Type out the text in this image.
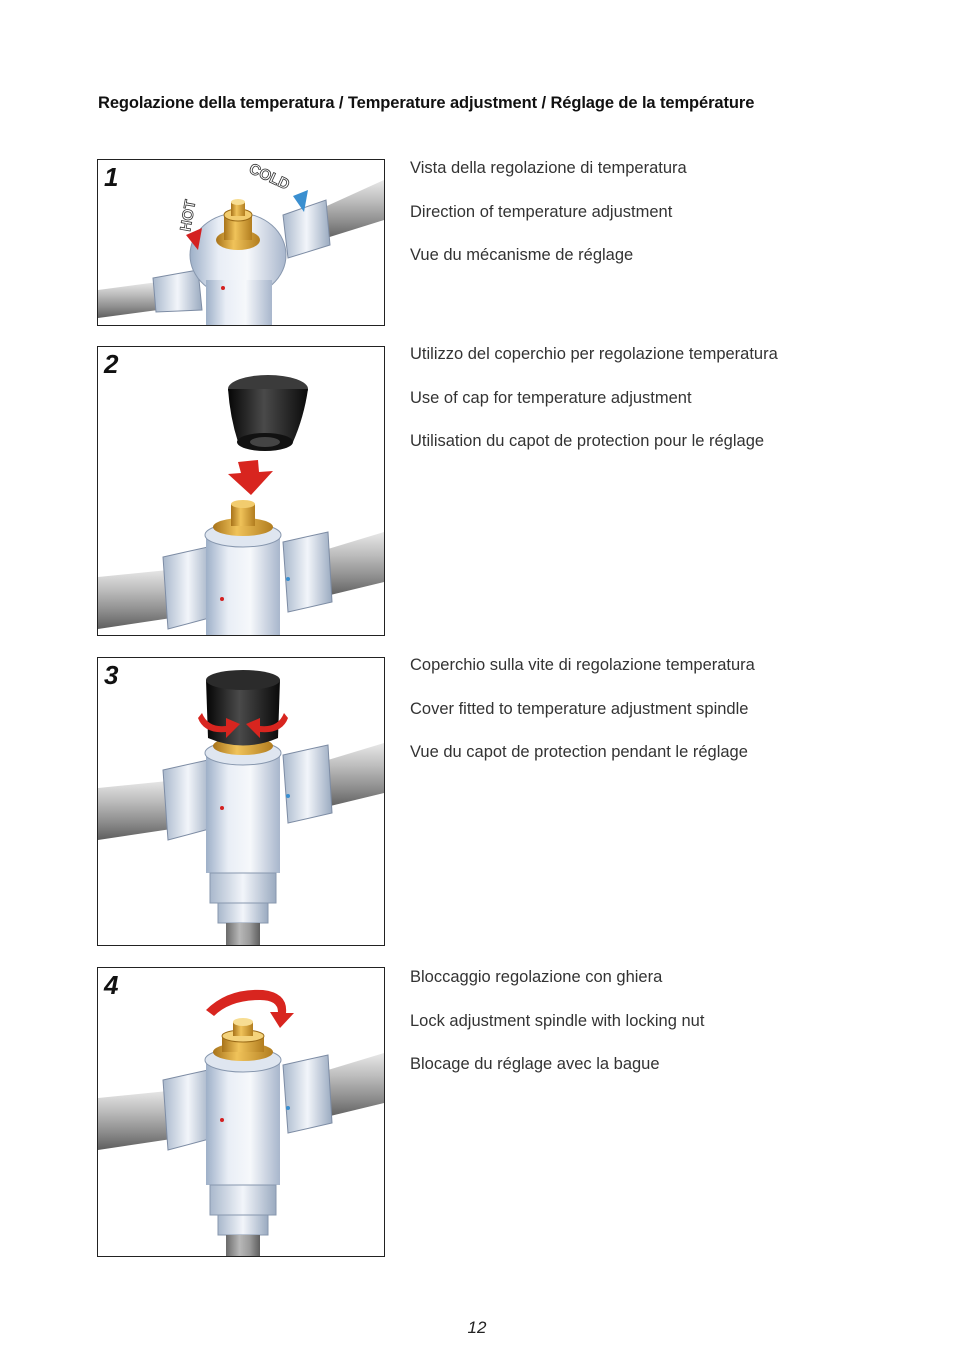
Regolazione della temperatura / Temperature adjustment / Réglage de la température
HOT
COLD
1	Vista della regolazione di temperatura

Direction of temperature adjustment

Vue du mécanisme de réglage

2	Utilizzo del coperchio per regolazione temperatura

Use of cap for temperature adjustment

Utilisation du capot de protection pour le réglage

3	Coperchio sulla vite di regolazione temperatura

Cover fitted to temperature adjustment spindle

Vue du capot de protection pendant le réglage

4	Bloccaggio regolazione con ghiera

Lock adjustment spindle with locking nut

Blocage du réglage avec la bague

12
